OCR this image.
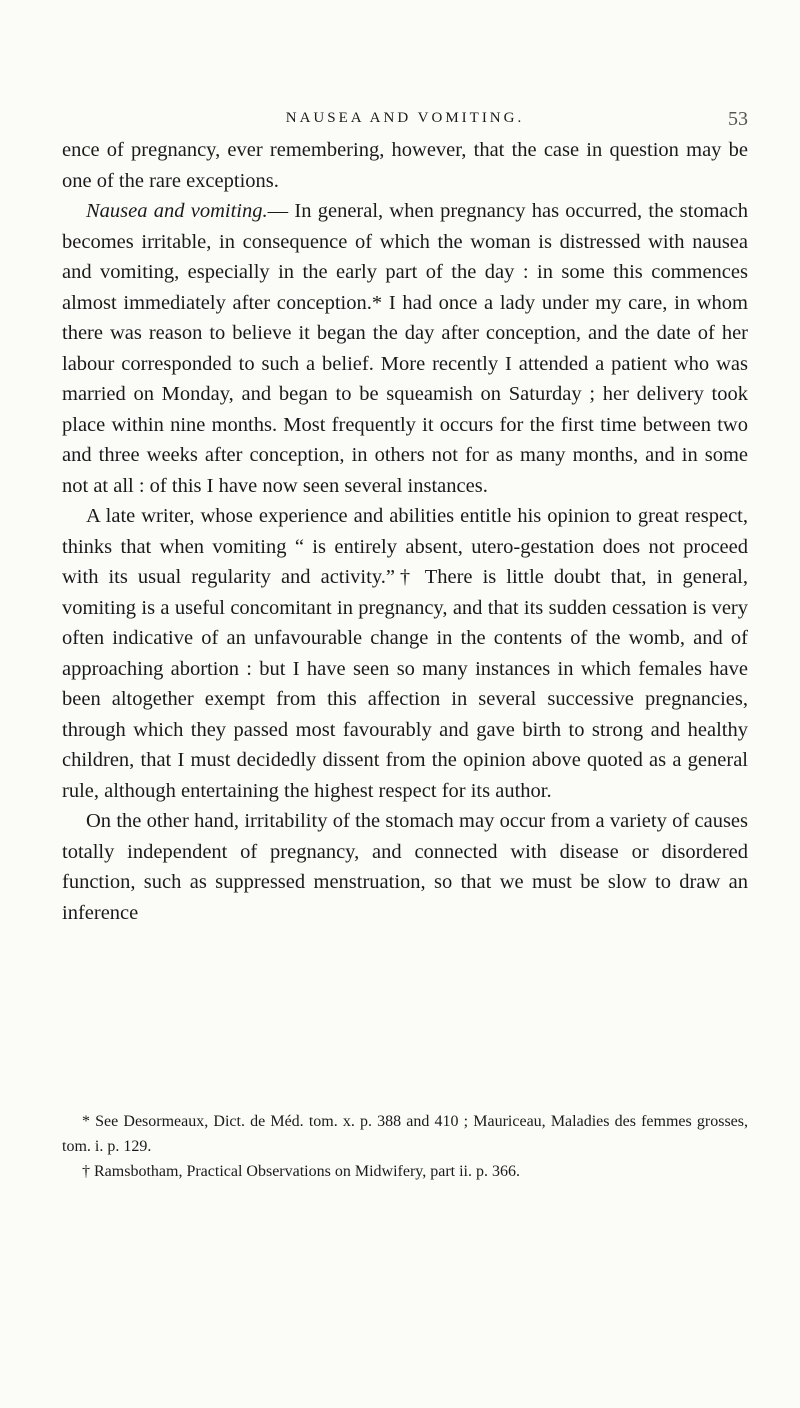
NAUSEA AND VOMITING.	53

ence of pregnancy, ever remembering, however, that the case in question may be one of the rare exceptions.

Nausea and vomiting.— In general, when pregnancy has occurred, the stomach becomes irritable, in consequence of which the woman is distressed with nausea and vomiting, especially in the early part of the day : in some this commences almost immediately after conception.* I had once a lady under my care, in whom there was reason to believe it began the day after conception, and the date of her labour corresponded to such a belief. More recently I attended a patient who was married on Monday, and began to be squeamish on Saturday ; her delivery took place within nine months. Most frequently it occurs for the first time between two and three weeks after conception, in others not for as many months, and in some not at all : of this I have now seen several instances.

A late writer, whose experience and abilities entitle his opinion to great respect, thinks that when vomiting “ is entirely absent, utero-gestation does not proceed with its usual regularity and activity.”† There is little doubt that, in general, vomiting is a useful concomitant in pregnancy, and that its sudden cessation is very often indicative of an unfavourable change in the contents of the womb, and of approaching abortion : but I have seen so many instances in which females have been altogether exempt from this affection in several successive pregnancies, through which they passed most favourably and gave birth to strong and healthy children, that I must decidedly dissent from the opinion above quoted as a general rule, although entertaining the highest respect for its author.

On the other hand, irritability of the stomach may occur from a variety of causes totally independent of pregnancy, and connected with disease or disordered function, such as suppressed menstruation, so that we must be slow to draw an inference

* See Desormeaux, Dict. de Méd. tom. x. p. 388 and 410 ; Mauriceau, Maladies des femmes grosses, tom. i. p. 129.

† Ramsbotham, Practical Observations on Midwifery, part ii. p. 366.
